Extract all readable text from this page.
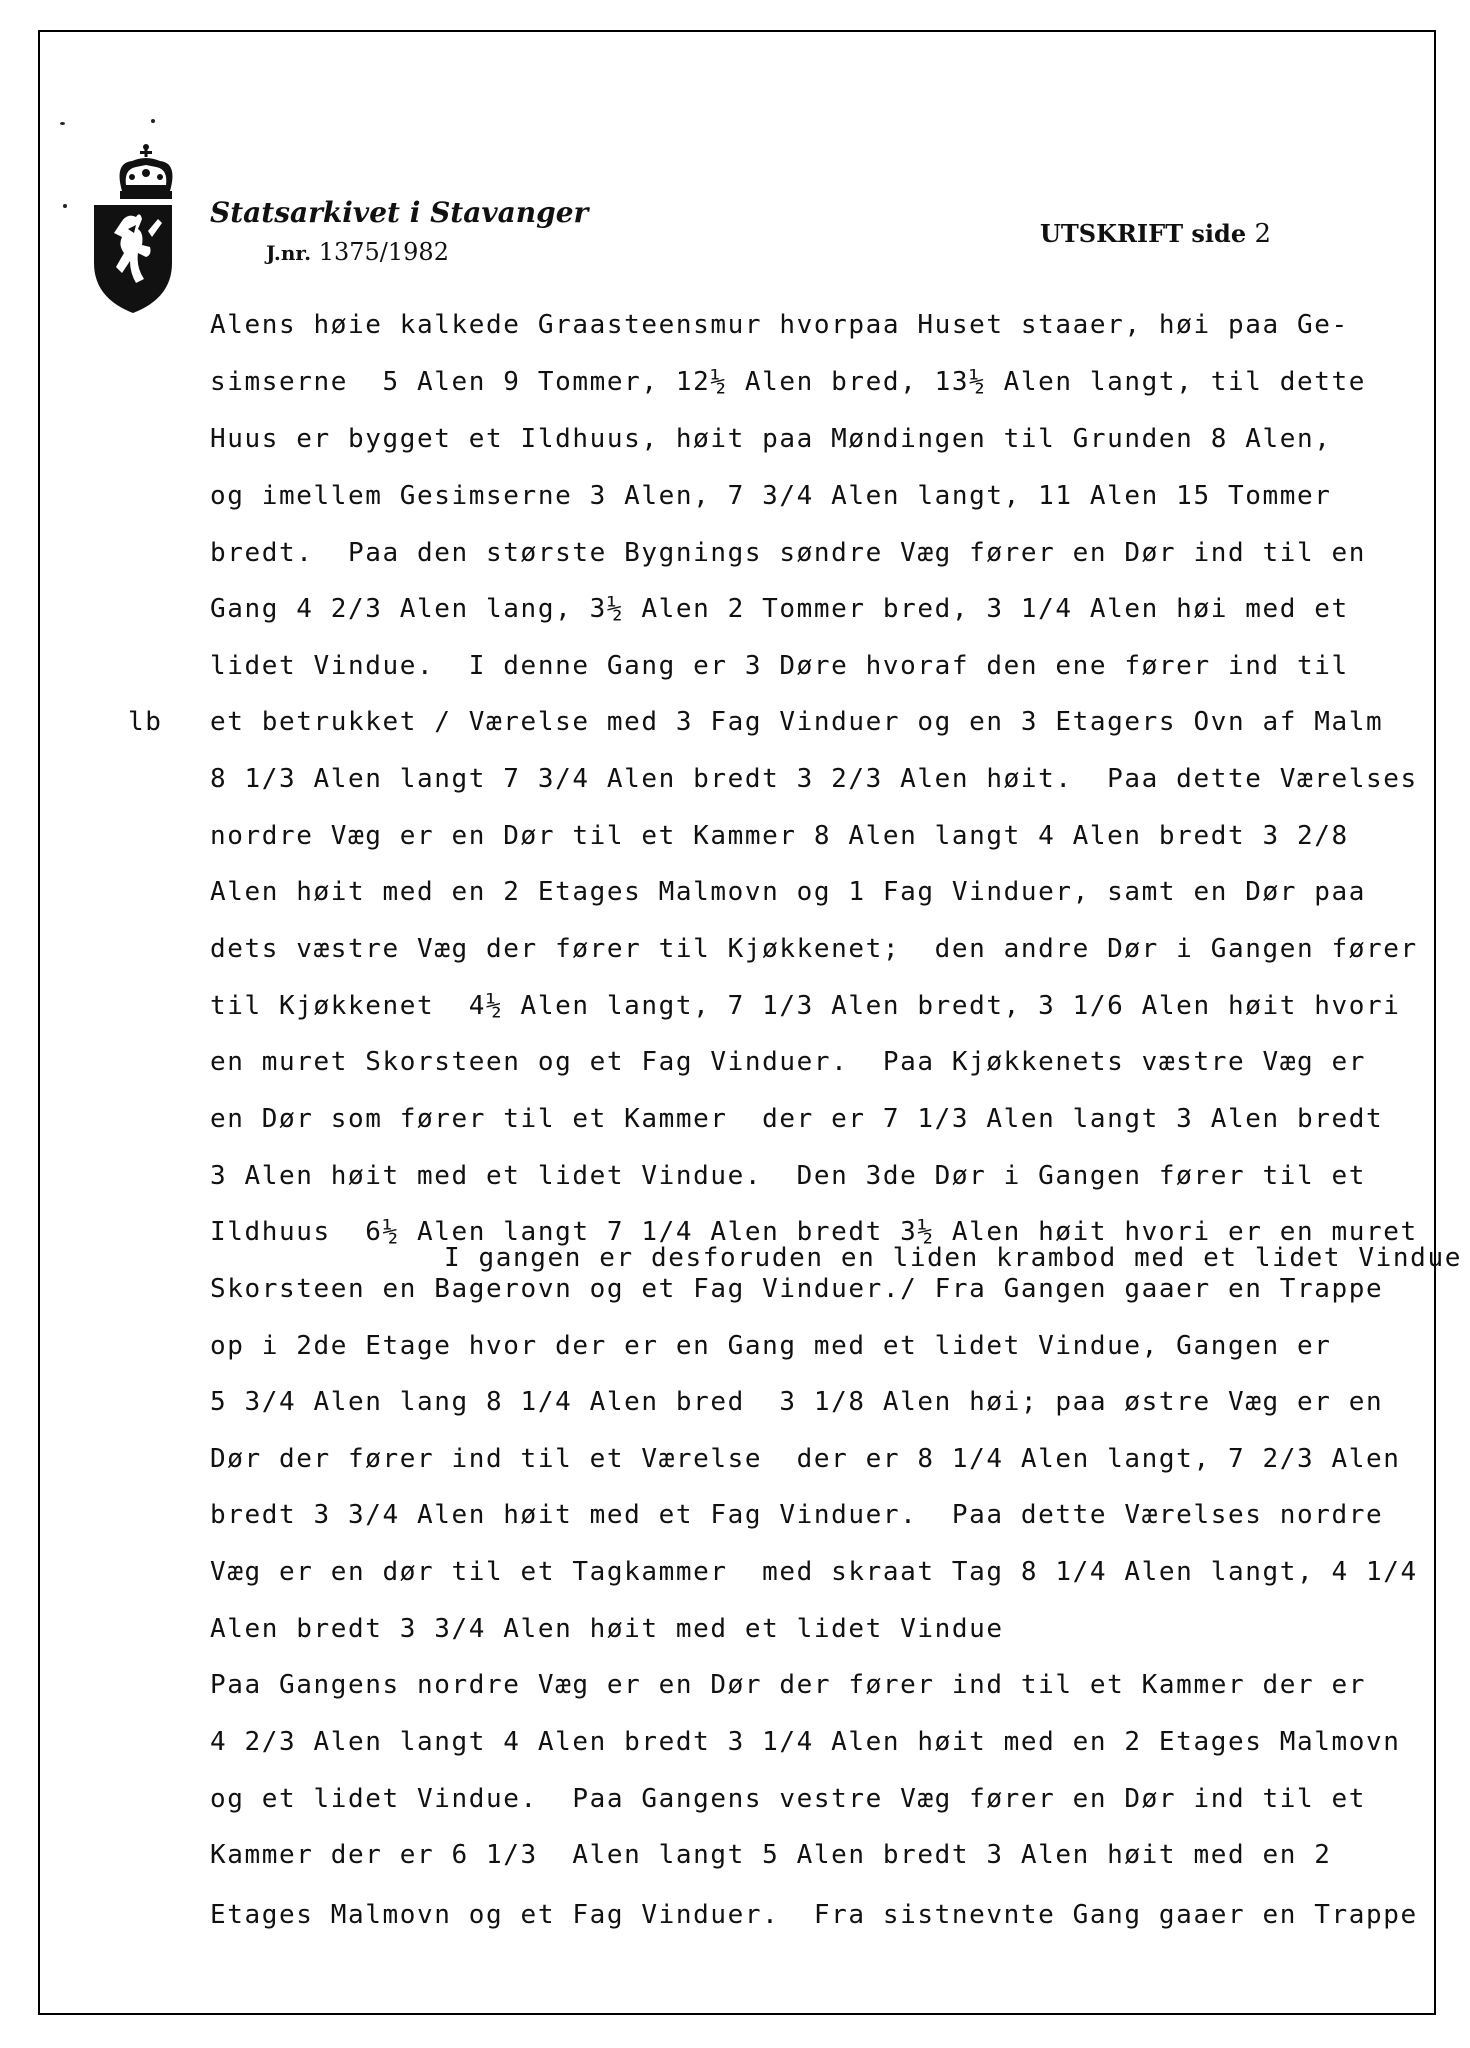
Statsarkivet i Stavanger
J.nr. 1375/1982
UTSKRIFT side 2
lb
Alens høie kalkede Graasteensmur hvorpaa Huset staaer, høi paa Ge-
simserne  5 Alen 9 Tommer, 12½ Alen bred, 13½ Alen langt, til dette
Huus er bygget et Ildhuus, høit paa Møndingen til Grunden 8 Alen,
og imellem Gesimserne 3 Alen, 7 3/4 Alen langt, 11 Alen 15 Tommer
bredt.  Paa den største Bygnings søndre Væg fører en Dør ind til en
Gang 4 2/3 Alen lang, 3½ Alen 2 Tommer bred, 3 1/4 Alen høi med et
lidet Vindue.  I denne Gang er 3 Døre hvoraf den ene fører ind til
et betrukket / Værelse med 3 Fag Vinduer og en 3 Etagers Ovn af Malm
8 1/3 Alen langt 7 3/4 Alen bredt 3 2/3 Alen høit.  Paa dette Værelses
nordre Væg er en Dør til et Kammer 8 Alen langt 4 Alen bredt 3 2/8
Alen høit med en 2 Etages Malmovn og 1 Fag Vinduer, samt en Dør paa
dets væstre Væg der fører til Kjøkkenet;  den andre Dør i Gangen fører
til Kjøkkenet  4½ Alen langt, 7 1/3 Alen bredt, 3 1/6 Alen høit hvori
en muret Skorsteen og et Fag Vinduer.  Paa Kjøkkenets væstre Væg er
en Dør som fører til et Kammer  der er 7 1/3 Alen langt 3 Alen bredt
3 Alen høit med et lidet Vindue.  Den 3de Dør i Gangen fører til et
Ildhuus  6½ Alen langt 7 1/4 Alen bredt 3½ Alen høit hvori er en muret
I gangen er desforuden en liden krambod med et lidet Vindue
Skorsteen en Bagerovn og et Fag Vinduer./ Fra Gangen gaaer en Trappe
op i 2de Etage hvor der er en Gang med et lidet Vindue, Gangen er
5 3/4 Alen lang 8 1/4 Alen bred  3 1/8 Alen høi; paa østre Væg er en
Dør der fører ind til et Værelse  der er 8 1/4 Alen langt, 7 2/3 Alen
bredt 3 3/4 Alen høit med et Fag Vinduer.  Paa dette Værelses nordre
Væg er en dør til et Tagkammer  med skraat Tag 8 1/4 Alen langt, 4 1/4
Alen bredt 3 3/4 Alen høit med et lidet Vindue
Paa Gangens nordre Væg er en Dør der fører ind til et Kammer der er
4 2/3 Alen langt 4 Alen bredt 3 1/4 Alen høit med en 2 Etages Malmovn
og et lidet Vindue.  Paa Gangens vestre Væg fører en Dør ind til et
Kammer der er 6 1/3  Alen langt 5 Alen bredt 3 Alen høit med en 2
Etages Malmovn og et Fag Vinduer.  Fra sistnevnte Gang gaaer en Trappe
